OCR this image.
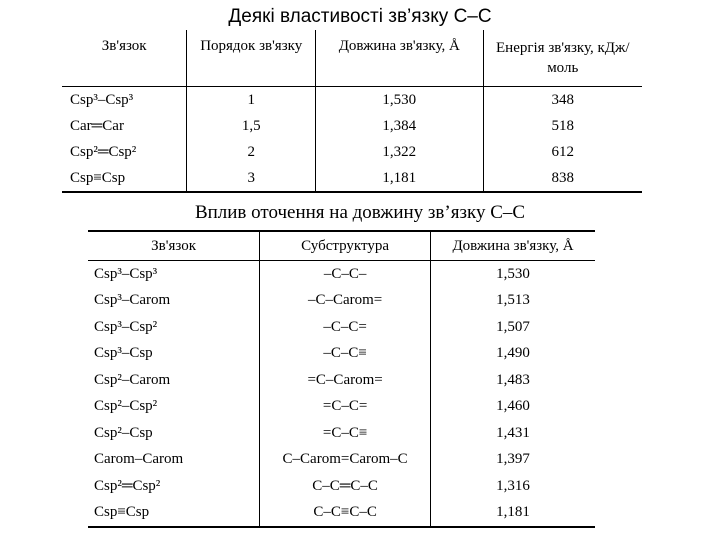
Деякі властивості зв’язку С–С
Зв'язок	Порядок зв'язку	Довжина зв'язку, Å	Енергія зв'язку, кДж/моль
Csp³–Csp³	1	1,530	348
Car═Car	1,5	1,384	518
Csp²═Csp²	2	1,322	612
Csp≡Csp	3	1,181	838
Вплив оточення на довжину зв’язку С–С
Зв'язок	Субструктура	Довжина зв'язку, Å
Csp³–Csp³	–C–C–	1,530
Csp³–Carom	–C–Carom=	1,513
Csp³–Csp²	–C–C=	1,507
Csp³–Csp	–C–C≡	1,490
Csp²–Carom	=C–Carom=	1,483
Csp²–Csp²	=C–C=	1,460
Csp²–Csp	=C–C≡	1,431
Carom–Carom	C–Carom=Carom–C	1,397
Csp²═Csp²	C–C═C–C	1,316
Csp≡Csp	C–C≡C–C	1,181
